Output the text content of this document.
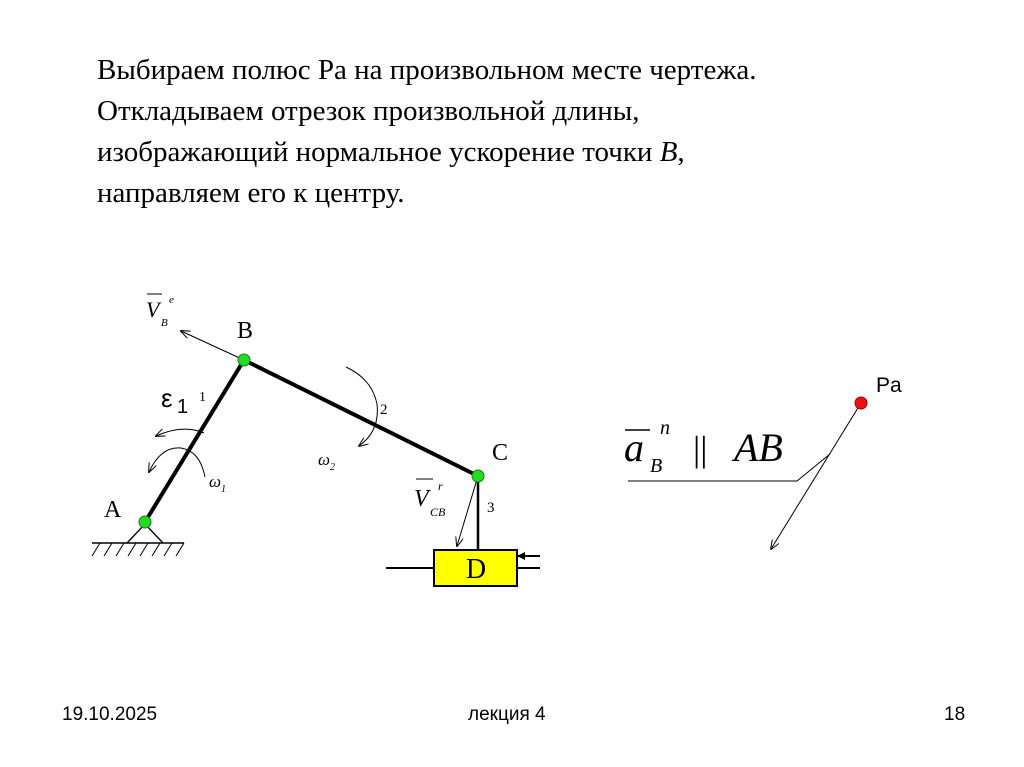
Выбираем полюс Ра на произвольном месте чертежа.
Откладываем отрезок произвольной длины,
изображающий нормальное ускорение точки B,
направляем его к центру.

D
V
B
e
V CB
r
A
B
C
1
2
3
ε 1
ω 1
ω 2	a B
n
|| AB
Pa
19.10.2025	лекция 4	18
